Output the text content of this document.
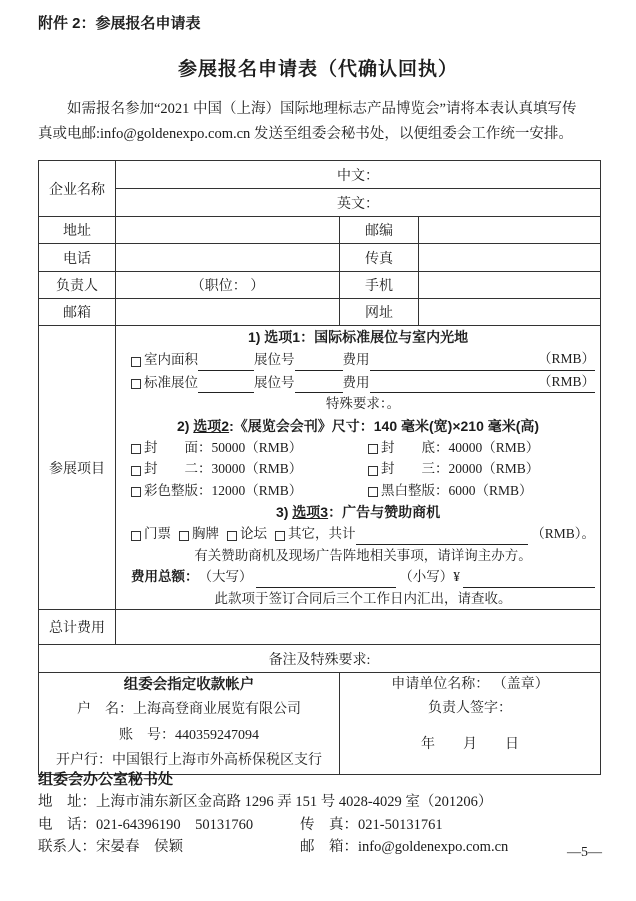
附件 2：参展报名申请表
参展报名申请表（代确认回执）
如需报名参加“2021 中国（上海）国际地理标志产品博览会”请将本表认真填写传
真或电邮:info@goldenexpo.com.cn 发送至组委会秘书处，以便组委会工作统一安排。
企业名称	中文：		
	英文：		
地址		邮编	
电话		传真	
负责人	（职位： ）	手机	
邮箱		网址	
参展项目	
1) 选项1：国际标准展位与室内光地
室内面积	展位号	费用	（RMB）
标准展位	展位号	费用	（RMB）
特殊要求：。
2) 选项2:《展览会会刊》尺寸：140 毫米(宽)×210 毫米(高)
封　　面： 50000（RMB）	封　　底： 40000（RMB）
封　　二： 30000（RMB）	封　　三： 20000（RMB）
彩色整版： 12000（RMB）	黑白整版： 6000（RMB）
3) 选项3：广告与赞助商机
门票 胸牌 论坛 其它，共计	（RMB）。
有关赞助商机及现场广告阵地相关事项，请详询主办方。
费用总额： （大写）	（小写）¥
此款项于签订合同后三个工作日内汇出，请查收。

总计费用			
备注及特殊要求:			

组委会指定收款帐户
户　名：上海高登商业展览有限公司
账　号：440359247094
开户行：中国银行上海市外高桥保税区支行

申请单位名称： （盖章）
负责人签字：
年　　月　　日
组委会办公室秘书处
地　址：上海市浦东新区金高路 1296 弄 151 号 4028-4029 室（201206）
电　话：021-64396190　50131760	传　真：021-50131761
联系人：宋晏春　侯颖	邮　箱：info@goldenexpo.com.cn	—5—
